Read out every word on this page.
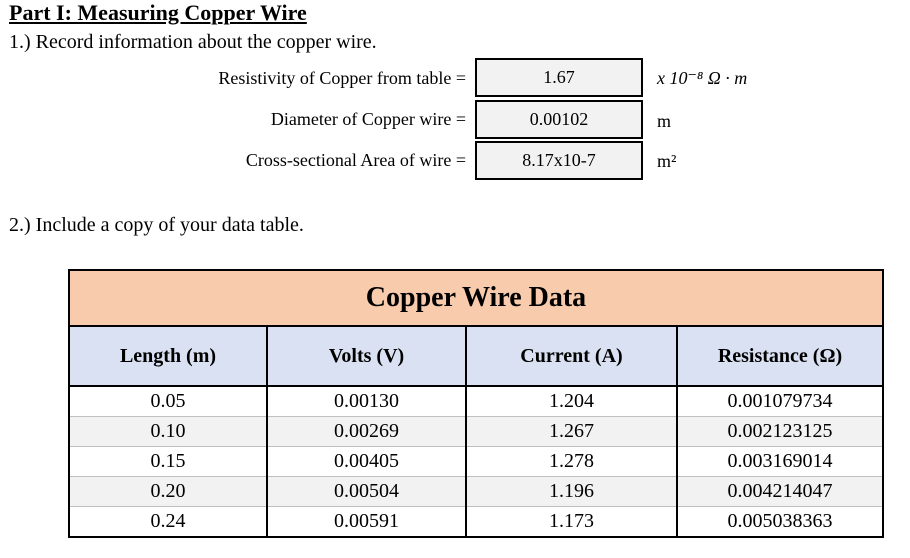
Part I: Measuring Copper Wire
1.) Record information about the copper wire.
Resistivity of Copper from table =	1.67	x 10⁻⁸ Ω · m
Diameter of Copper wire =	0.00102	m
Cross-sectional Area of wire =	8.17x10-7	m²
2.) Include a copy of your data table.
Copper Wire Data			
Length (m)	Volts (V)	Current (A)	Resistance (Ω)
0.05	0.00130	1.204	0.001079734
0.10	0.00269	1.267	0.002123125
0.15	0.00405	1.278	0.003169014
0.20	0.00504	1.196	0.004214047
0.24	0.00591	1.173	0.005038363
